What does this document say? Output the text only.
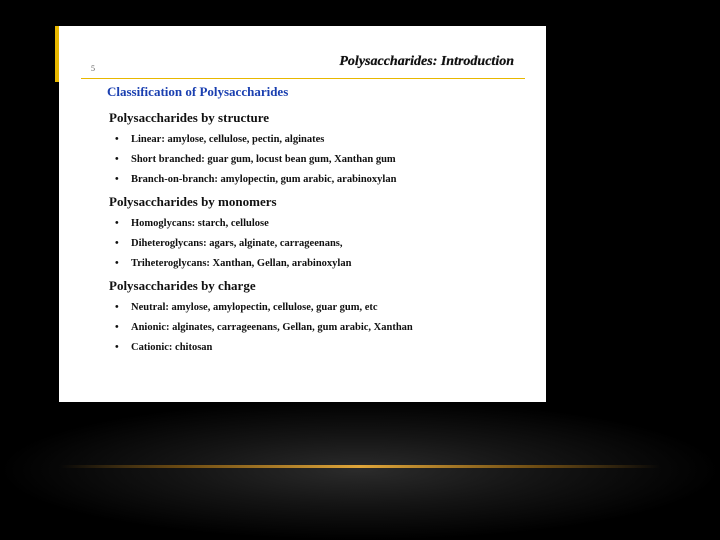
5	Polysaccharides: Introduction
Classification of Polysaccharides
Polysaccharides by structure
• Linear: amylose, cellulose, pectin, alginates
• Short branched: guar gum, locust bean gum, Xanthan gum
• Branch-on-branch: amylopectin, gum arabic, arabinoxylan
Polysaccharides by monomers
• Homoglycans: starch, cellulose
• Diheteroglycans: agars, alginate, carrageenans,
• Triheteroglycans: Xanthan, Gellan, arabinoxylan
Polysaccharides by charge
• Neutral: amylose, amylopectin, cellulose, guar gum, etc
• Anionic: alginates, carrageenans, Gellan, gum arabic, Xanthan
• Cationic: chitosan
